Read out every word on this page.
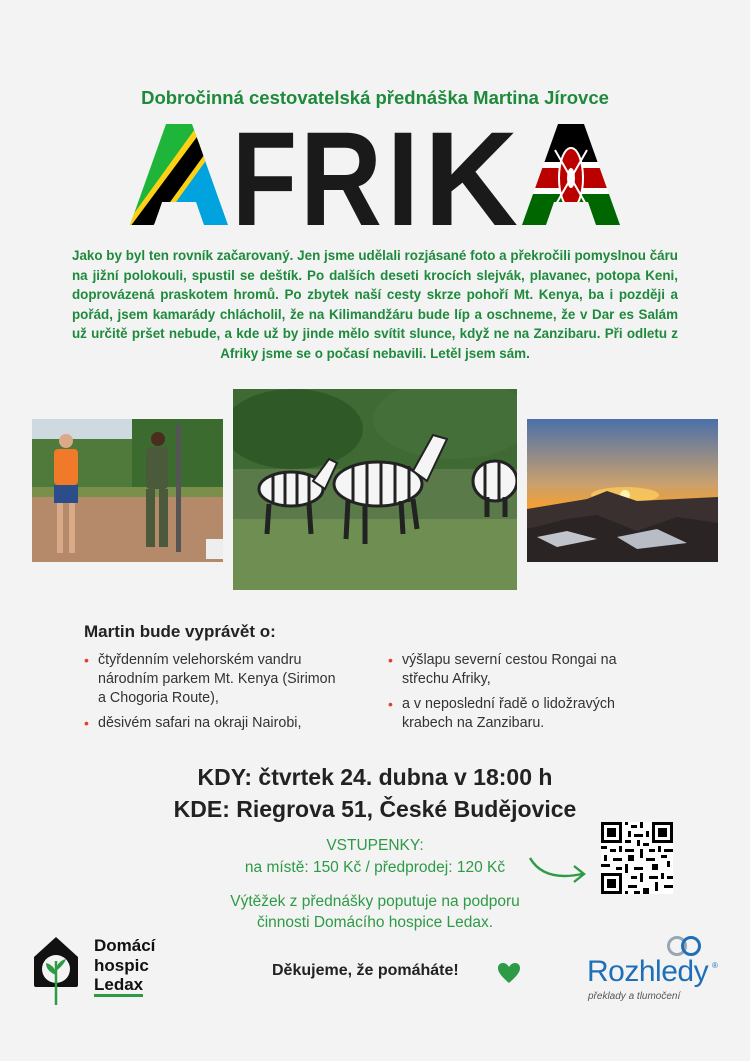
Dobročinná cestovatelská přednáška Martina Jírovce
F R I K
Jako by byl ten rovník začarovaný. Jen jsme udělali rozjásané foto a překročili pomyslnou čáru na jižní polokouli, spustil se deštík. Po dalších deseti krocích slejvák, plavanec, potopa Keni, doprovázená praskotem hromů. Po zbytek naší cesty skrze pohoří Mt. Kenya, ba i později a pořád, jsem kamarády chlácholil, že na Kilimandžáru bude líp a oschneme, že v Dar es Salám už určitě pršet nebude, a kde už by jinde mělo svítit slunce, když ne na Zanzibaru. Při odletu z Afriky jsme se o počasí nebavili. Letěl jsem sám.
Martin bude vyprávět o:
• čtyřdenním velehorském vandru národním parkem Mt. Kenya (Sirimon a Chogoria Route),
• děsivém safari na okraji Nairobi,
• výšlapu severní cestou Rongai na střechu Afriky,
• a v neposlední řadě o lidožravých krabech na Zanzibaru.
KDY: čtvrtek 24. dubna v 18:00 h
KDE: Riegrova 51, České Budějovice
VSTUPENKY:
na místě: 150 Kč / předprodej: 120 Kč
Výtěžek z přednášky poputuje na podporu
činnosti Domácího hospice Ledax.
Domácí
hospic
Ledax
Děkujeme, že pomáháte!	Rozhledy ®
překlady a tlumočení
